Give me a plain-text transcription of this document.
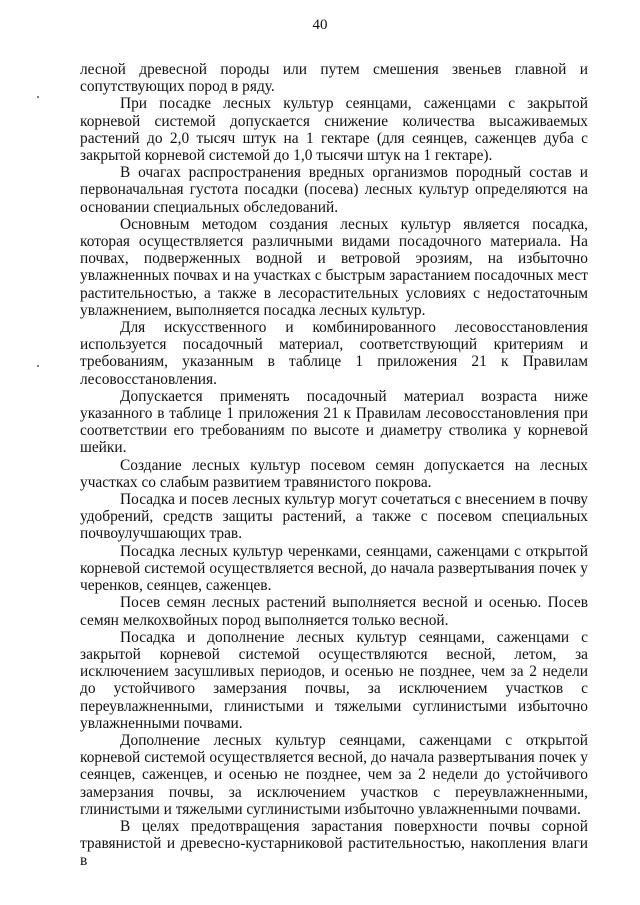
40

лесной древесной породы или путем смешения звеньев главной и сопутствующих пород в ряду.

При посадке лесных культур сеянцами, саженцами с закрытой корневой системой допускается снижение количества высаживаемых растений до 2,0 тысяч штук на 1 гектаре (для сеянцев, саженцев дуба с закрытой корневой системой до 1,0 тысячи штук на 1 гектаре).

В очагах распространения вредных организмов породный состав и первоначальная густота посадки (посева) лесных культур определяются на основании специальных обследований.

Основным методом создания лесных культур является посадка, которая осуществляется различными видами посадочного материала. На почвах, подверженных водной и ветровой эрозиям, на избыточно увлажненных почвах и на участках с быстрым зарастанием посадочных мест растительностью, а также в лесорастительных условиях с недостаточным увлажнением, выполняется посадка лесных культур.

Для искусственного и комбинированного лесовосстановления используется посадочный материал, соответствующий критериям и требованиям, указанным в таблице 1 приложения 21 к Правилам лесовосстановления.

Допускается применять посадочный материал возраста ниже указанного в таблице 1 приложения 21 к Правилам лесовосстановления при соответствии его требованиям по высоте и диаметру стволика у корневой шейки.

Создание лесных культур посевом семян допускается на лесных участках со слабым развитием травянистого покрова.

Посадка и посев лесных культур могут сочетаться с внесением в почву удобрений, средств защиты растений, а также с посевом специальных почвоулучшающих трав.

Посадка лесных культур черенками, сеянцами, саженцами с открытой корневой системой осуществляется весной, до начала развертывания почек у черенков, сеянцев, саженцев.

Посев семян лесных растений выполняется весной и осенью. Посев семян мелкохвойных пород выполняется только весной.

Посадка и дополнение лесных культур сеянцами, саженцами с закрытой корневой системой осуществляются весной, летом, за исключением засушливых периодов, и осенью не позднее, чем за 2 недели до устойчивого замерзания почвы, за исключением участков с переувлажненными, глинистыми и тяжелыми суглинистыми избыточно увлажненными почвами.

Дополнение лесных культур сеянцами, саженцами с открытой корневой системой осуществляется весной, до начала развертывания почек у сеянцев, саженцев, и осенью не позднее, чем за 2 недели до устойчивого замерзания почвы, за исключением участков с переувлажненными, глинистыми и тяжелыми суглинистыми избыточно увлажненными почвами.

В целях предотвращения зарастания поверхности почвы сорной травянистой и древесно-кустарниковой растительностью, накопления влаги в
